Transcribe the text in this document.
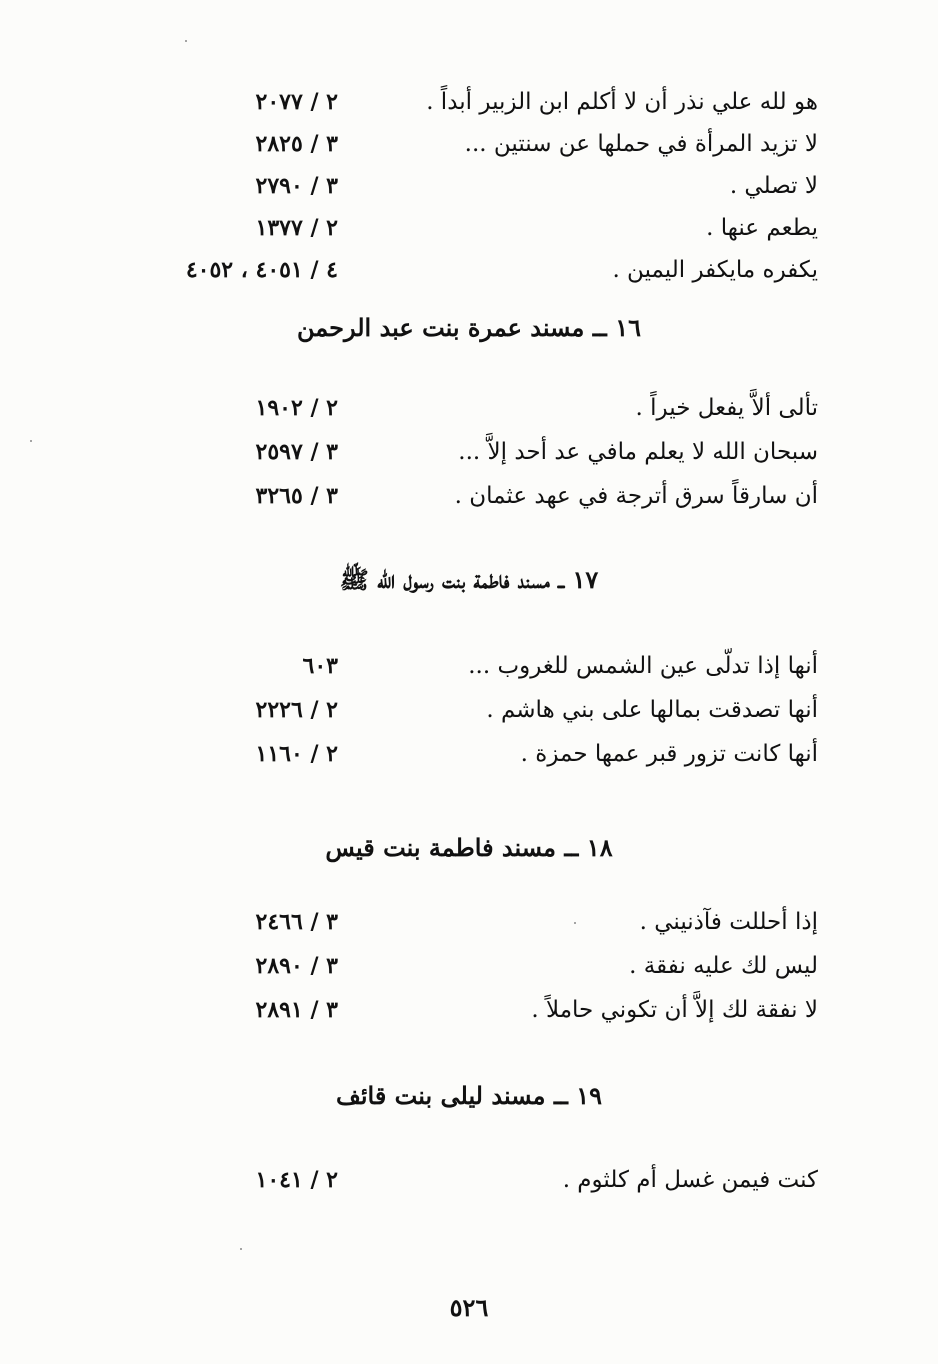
هو لله علي نذر أن لا أكلم ابن الزبير أبداً .
٢ / ٢٠٧٧
لا تزيد المرأة في حملها عن سنتين ...
٣ / ٢٨٢٥
لا تصلي .
٣ / ٢٧٩٠
يطعم عنها .
٢ / ١٣٧٧
يكفره مايكفر اليمين .
٤ / ٤٠٥١ ، ٤٠٥٢
١٦ ــ مسند عمرة بنت عبد الرحمن
تألى ألاَّ يفعل خيراً .
٢ / ١٩٠٢
سبحان الله لا يعلم مافي عد أحد إلاَّ ...
٣ / ٢٥٩٧
أن سارقاً سرق أترجة في عهد عثمان .
٣ / ٣٢٦٥
١٧ ــ مسند فاطمة بنت رسول الله ﷺ
أنها إذا تدلّى عين الشمس للغروب ...
٦٠٣
أنها تصدقت بمالها على بني هاشم .
٢ / ٢٢٢٦
أنها كانت تزور قبر عمها حمزة .
٢ / ١١٦٠
١٨ ــ مسند فاطمة بنت قيس
إذا أحللت فآذنيني .
٣ / ٢٤٦٦
ليس لك عليه نفقة .
٣ / ٢٨٩٠
لا نفقة لك إلاَّ أن تكوني حاملاً .
٣ / ٢٨٩١
١٩ ــ مسند ليلى بنت قائف
كنت فيمن غسل أم كلثوم .
٢ / ١٠٤١
٥٢٦
